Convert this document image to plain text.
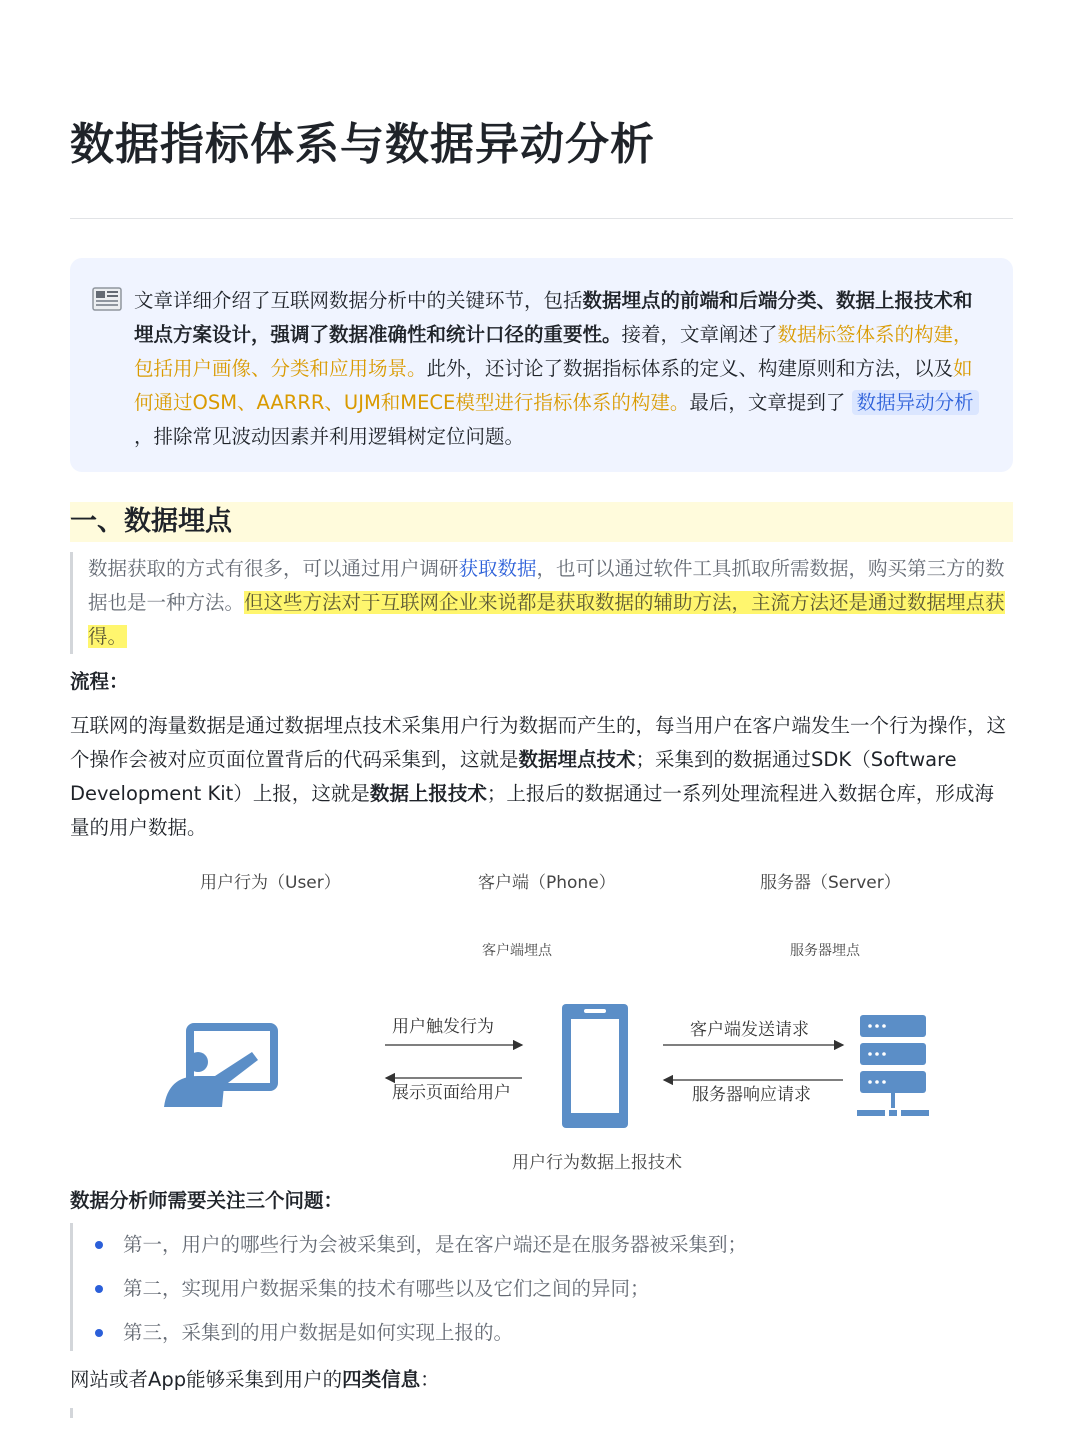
数据指标体系与数据异动分析
文章详细介绍了互联网数据分析中的关键环节，包括数据埋点的前端和后端分类、数据上报技术和埋点方案设计，强调了数据准确性和统计口径的重要性。接着，文章阐述了数据标签体系的构建，包括用户画像、分类和应用场景。此外，还讨论了数据指标体系的定义、构建原则和方法，以及如何通过OSM、AARRR、UJM和MECE模型进行指标体系的构建。最后，文章提到了 数据异动分析 ，排除常见波动因素并利用逻辑树定位问题。
一、数据埋点
数据获取的方式有很多，可以通过用户调研获取数据，也可以通过软件工具抓取所需数据，购买第三方的数据也是一种方法。但这些方法对于互联网企业来说都是获取数据的辅助方法，主流方法还是通过数据埋点获得。
流程：
互联网的海量数据是通过数据埋点技术采集用户行为数据而产生的，每当用户在客户端发生一个行为操作，这个操作会被对应页面位置背后的代码采集到，这就是数据埋点技术；采集到的数据通过SDK（Software Development Kit）上报，这就是数据上报技术；上报后的数据通过一系列处理流程进入数据仓库，形成海量的用户数据。
用户行为（User）	客户端（Phone）	服务器（Server）
客户端埋点	服务器埋点
用户触发行为
展示页面给用户
客户端发送请求
服务器响应请求
用户行为数据上报技术
数据分析师需要关注三个问题：
第一，用户的哪些行为会被采集到，是在客户端还是在服务器被采集到；
第二，实现用户数据采集的技术有哪些以及它们之间的异同；
第三，采集到的用户数据是如何实现上报的。
网站或者App能够采集到用户的四类信息：
